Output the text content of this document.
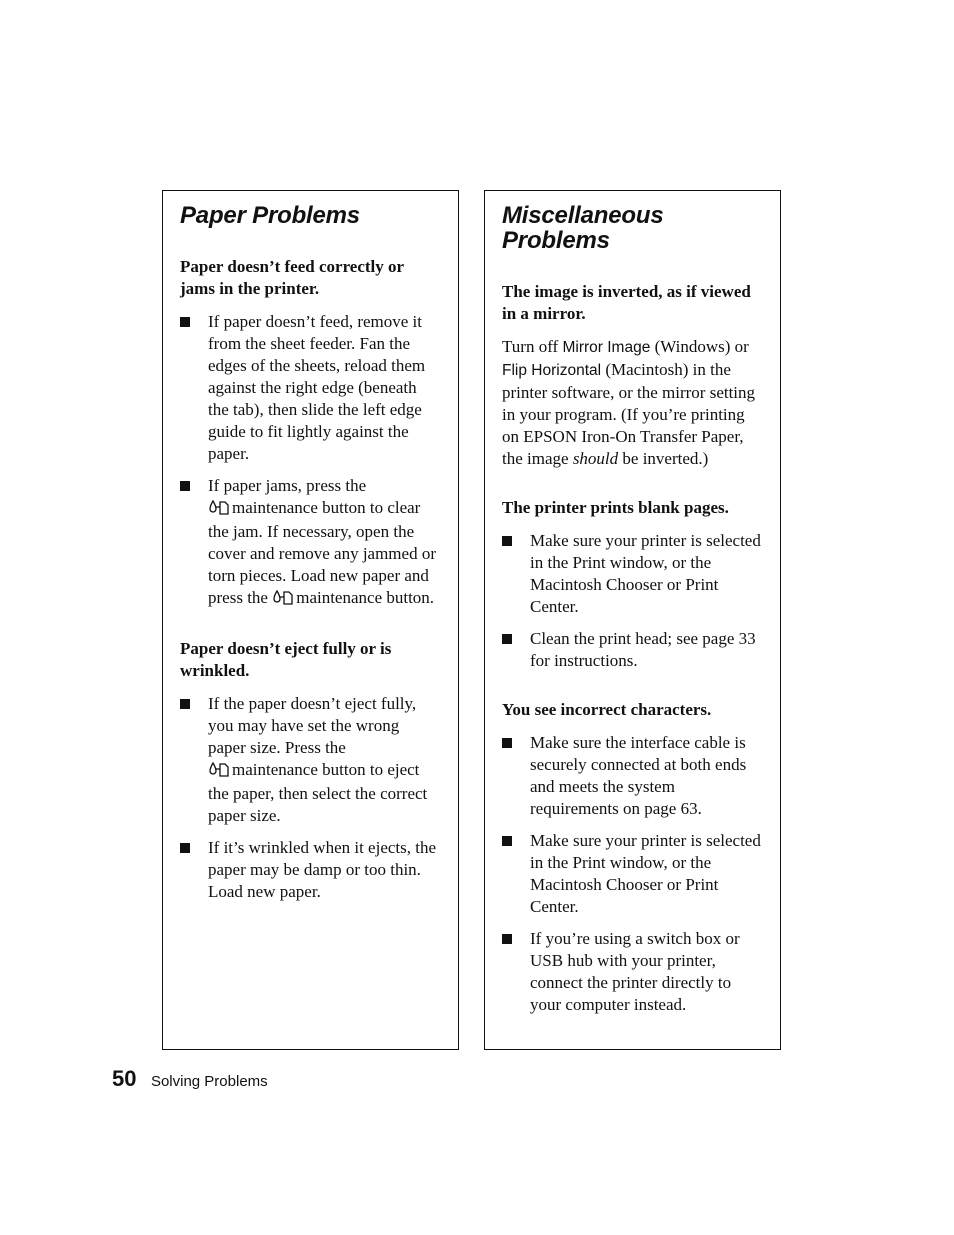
Paper Problems

Paper doesn’t feed correctly or jams in the printer.

If paper doesn’t feed, remove it from the sheet feeder. Fan the edges of the sheets, reload them against the right edge (beneath the tab), then slide the left edge guide to fit lightly against the paper.
If paper jams, press the
maintenance button to clear the jam. If necessary, open the cover and remove any jammed or torn pieces. Load new paper and press the maintenance button.

Paper doesn’t eject fully or is wrinkled.

If the paper doesn’t eject fully, you may have set the wrong paper size. Press the
maintenance button to eject the paper, then select the correct paper size.
If it’s wrinkled when it ejects, the paper may be damp or too thin. Load new paper.
Miscellaneous Problems

The image is inverted, as if viewed in a mirror.

Turn off Mirror Image (Windows) or Flip Horizontal (Macintosh) in the printer software, or the mirror setting in your program. (If you’re printing on EPSON Iron-On Transfer Paper, the image should be inverted.)

The printer prints blank pages.

Make sure your printer is selected in the Print window, or the Macintosh Chooser or Print Center.
Clean the print head; see page 33 for instructions.

You see incorrect characters.

Make sure the interface cable is securely connected at both ends and meets the system requirements on page 63.
Make sure your printer is selected in the Print window, or the Macintosh Chooser or Print Center.
If you’re using a switch box or USB hub with your printer, connect the printer directly to your computer instead.
50 Solving Problems
